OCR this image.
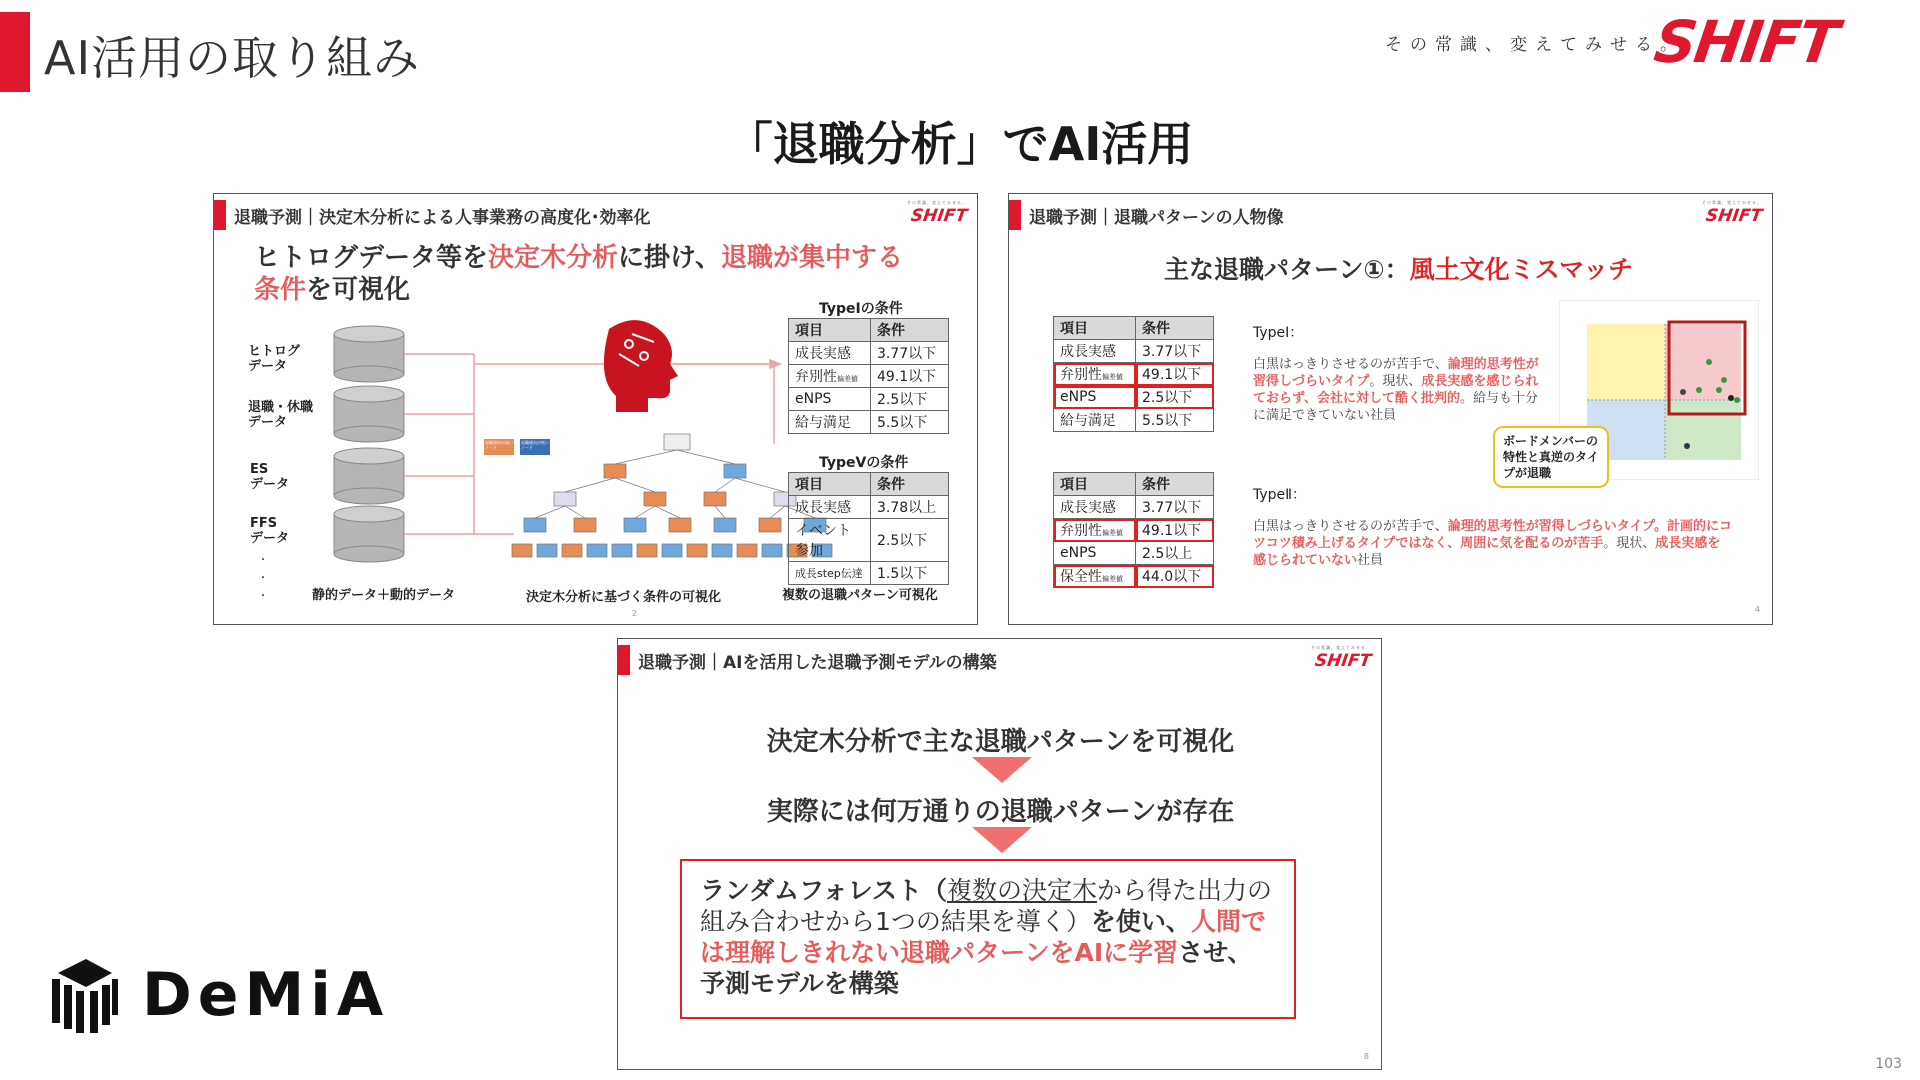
AI活用の取り組み	その常識、変えてみせる。
SHIFT
「退職分析」でAI活用
退職予測｜決定木分析による人事業務の高度化･効率化
その常識、変えてみせる。
SHIFT
ヒトログデータ等を決定木分析に掛け、退職が集中する
条件を可視化
ヒトログ
データ
退職・休職
データ
ES
データ
FFS
データ
・
・
・
退職傾向が高いノード
退職傾向が低いノード
TypeⅠの条件
項目	条件
成長実感	3.77以下
弁別性偏差値	49.1以下
eNPS	2.5以下
給与満足	5.5以下
TypeⅤの条件
項目	条件
成長実感	3.78以上
イベント参加	2.5以下
成長step伝達	1.5以下
静的データ＋動的データ	決定木分析に基づく条件の可視化	複数の退職パターン可視化
2
退職予測｜退職パターンの人物像
その常識、変えてみせる。
SHIFT
主な退職パターン①：風土文化ミスマッチ
項目	条件
成長実感	3.77以下
弁別性偏差値	49.1以下
eNPS	2.5以下
給与満足	5.5以下
項目	条件
成長実感	3.77以下
弁別性偏差値	49.1以下
eNPS	2.5以上
保全性偏差値	44.0以下
TypeⅠ：
白黒はっきりさせるのが苦手で、論理的思考性が習得しづらいタイプ。現状、成長実感を感じられておらず、会社に対して酷く批判的。給与も十分に満足できていない社員
TypeⅡ：
白黒はっきりさせるのが苦手で、論理的思考性が習得しづらいタイプ。計画的にコツコツ積み上げるタイプではなく、周囲に気を配るのが苦手。現状、成長実感を感じられていない社員
ボードメンバーの特性と真逆のタイプが退職
4
退職予測｜AIを活用した退職予測モデルの構築
その常識、変えてみせる。
SHIFT
決定木分析で主な退職パターンを可視化
実際には何万通りの退職パターンが存在
ランダムフォレスト（複数の決定木から得た出力の組み合わせから1つの結果を導く）を使い、人間では理解しきれない退職パターンをAIに学習させ、予測モデルを構築
8
DeMiA
103
